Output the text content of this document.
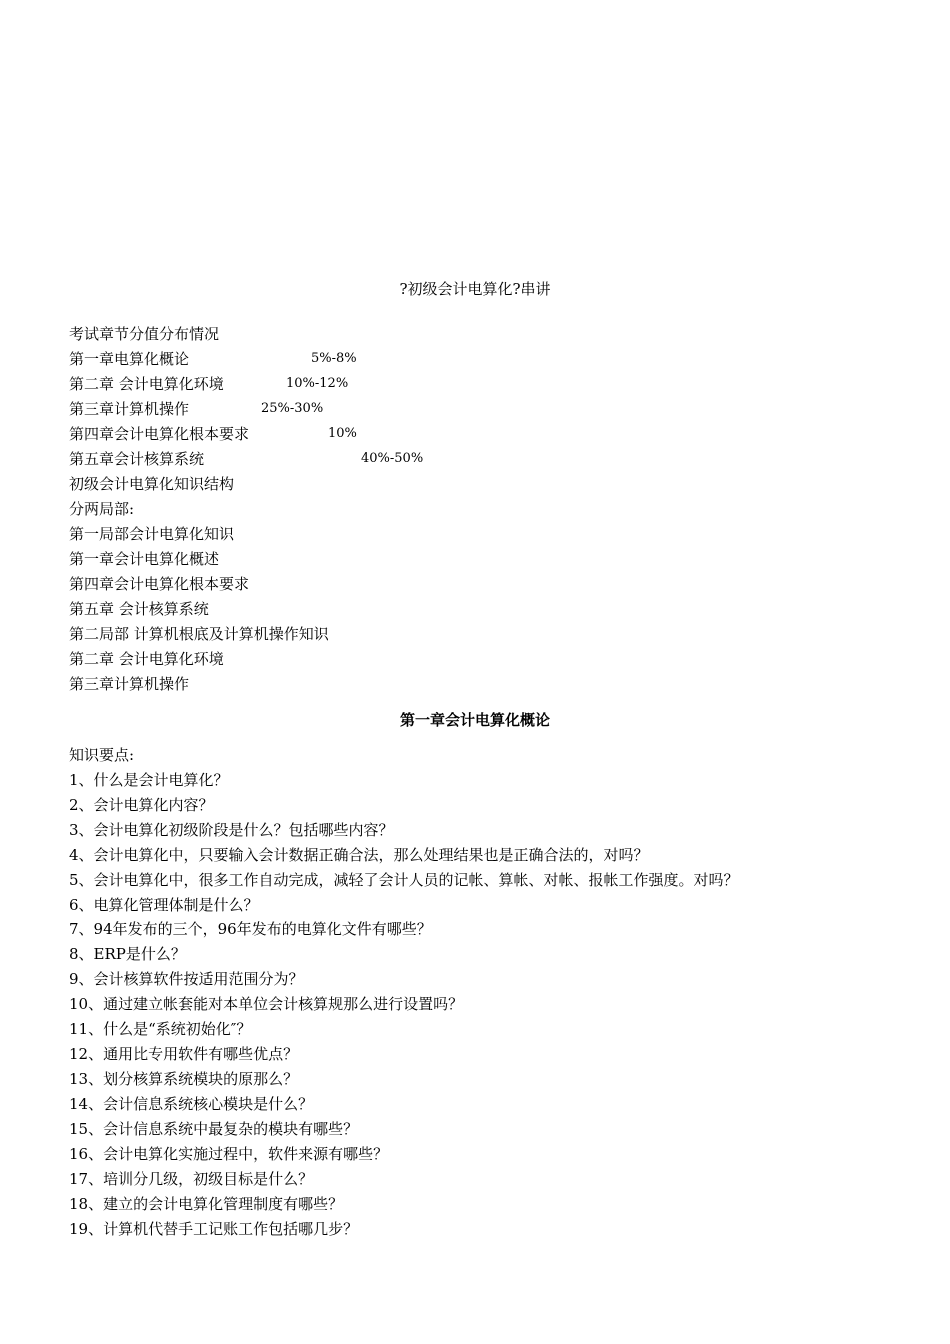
?初级会计电算化?串讲
考试章节分值分布情况
第一章电算化概论	5%-8%
第二章 会计电算化环境	10%-12%
第三章计算机操作	25%-30%
第四章会计电算化根本要求	10%
第五章会计核算系统	40%-50%
初级会计电算化知识结构
分两局部:
第一局部会计电算化知识
第一章会计电算化概述
第四章会计电算化根本要求
第五章 会计核算系统
第二局部 计算机根底及计算机操作知识
第二章 会计电算化环境
第三章计算机操作
第一章会计电算化概论
知识要点:
1、什么是会计电算化？
2、会计电算化内容？
3、会计电算化初级阶段是什么？包括哪些内容？
4、会计电算化中，只要输入会计数据正确合法，那么处理结果也是正确合法的，对吗？
5、会计电算化中，很多工作自动完成，减轻了会计人员的记帐、算帐、对帐、报帐工作强度。对吗？
6、电算化管理体制是什么？
7、94年发布的三个，96年发布的电算化文件有哪些？
8、ERP是什么？
9、会计核算软件按适用范围分为？
10、通过建立帐套能对本单位会计核算规那么进行设置吗？
11、什么是“系统初始化″？
12、通用比专用软件有哪些优点？
13、划分核算系统模块的原那么？
14、会计信息系统核心模块是什么？
15、会计信息系统中最复杂的模块有哪些？
16、会计电算化实施过程中，软件来源有哪些？
17、培训分几级，初级目标是什么？
18、建立的会计电算化管理制度有哪些？
19、计算机代替手工记账工作包括哪几步？
